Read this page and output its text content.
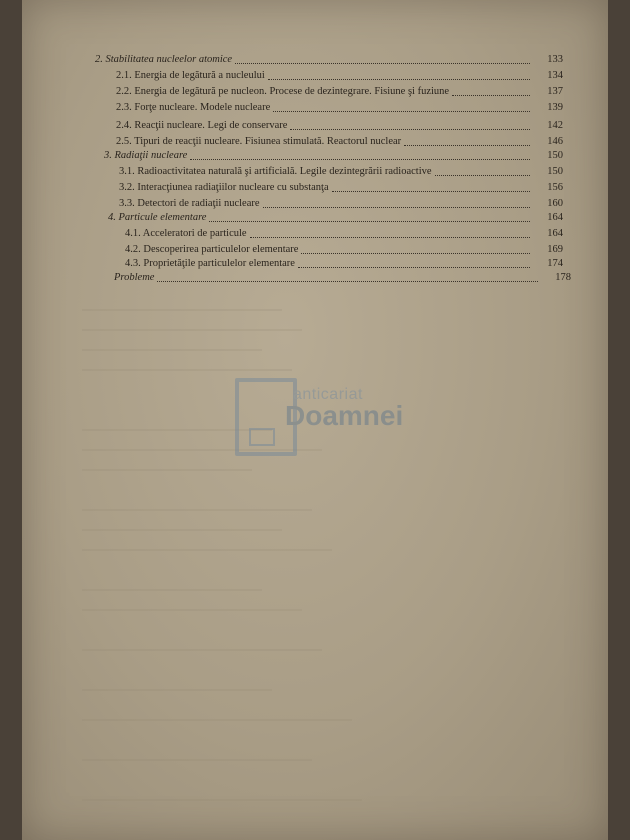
2. Stabilitatea nucleelor atomice	133
2.1. Energia de legătură a nucleului	134
2.2. Energia de legătură pe nucleon. Procese de dezintegrare. Fisiune şi fuziune	137
2.3. Forţe nucleare. Modele nucleare	139
2.4. Reacţii nucleare. Legi de conservare	142
2.5. Tipuri de reacţii nucleare. Fisiunea stimulată. Reactorul nuclear	146
3. Radiaţii nucleare	150
3.1. Radioactivitatea naturală şi artificială. Legile dezintegrării radioactive	150
3.2. Interacţiunea radiaţiilor nucleare cu substanţa	156
3.3. Detectori de radiaţii nucleare	160
4. Particule elementare	164
4.1. Acceleratori de particule	164
4.2. Descoperirea particulelor elementare	169
4.3. Proprietăţile particulelor elementare	174
Probleme	178
anticariat
Doamnei
